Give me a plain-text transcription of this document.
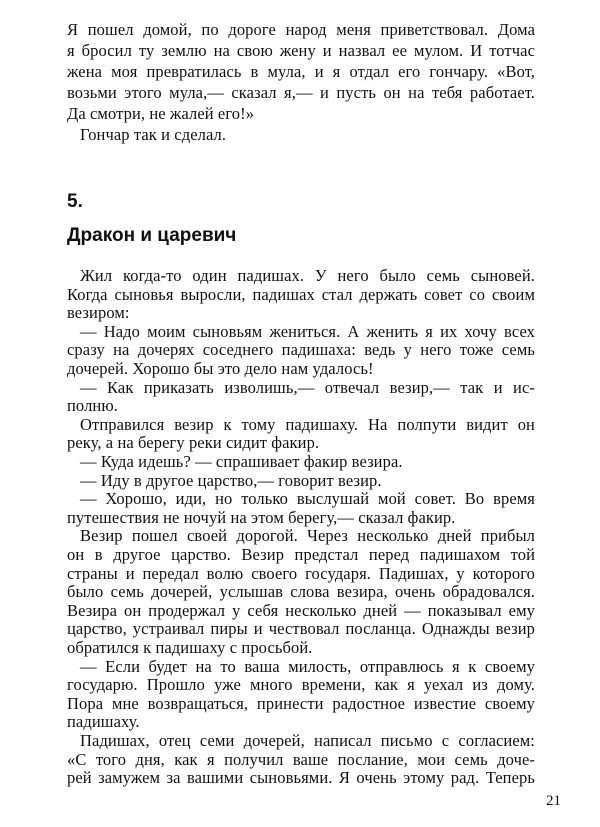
Я пошел домой, по дороге народ меня приветствовал. Дома
я бросил ту землю на свою жену и назвал ее мулом. И тотчас
жена моя превратилась в мула, и я отдал его гончару. «Вот,
возьми этого мула,— сказал я,— и пусть он на тебя работает.
Да смотри, не жалей его!»
Гончар так и сделал.
5.
Дракон и царевич
Жил когда-то один падишах. У него было семь сыновей.
Когда сыновья выросли, падишах стал держать совет со своим
везиром:
— Надо моим сыновьям жениться. А женить я их хочу всех
сразу на дочерях соседнего падишаха: ведь у него тоже семь
дочерей. Хорошо бы это дело нам удалось!
— Как приказать изволишь,— отвечал везир,— так и ис-
полню.
Отправился везир к тому падишаху. На полпути видит он
реку, а на берегу реки сидит факир.
— Куда идешь? — спрашивает факир везира.
— Иду в другое царство,— говорит везир.
— Хорошо, иди, но только выслушай мой совет. Во время
путешествия не ночуй на этом берегу,— сказал факир.
Везир пошел своей дорогой. Через несколько дней прибыл
он в другое царство. Везир предстал перед падишахом той
страны и передал волю своего государя. Падишах, у которого
было семь дочерей, услышав слова везира, очень обрадовался.
Везира он продержал у себя несколько дней — показывал ему
царство, устраивал пиры и чествовал посланца. Однажды везир
обратился к падишаху с просьбой.
— Если будет на то ваша милость, отправлюсь я к своему
государю. Прошло уже много времени, как я уехал из дому.
Пора мне возвращаться, принести радостное известие своему
падишаху.
Падишах, отец семи дочерей, написал письмо с согласием:
«С того дня, как я получил ваше послание, мои семь доче-
рей замужем за вашими сыновьями. Я очень этому рад. Теперь
21
